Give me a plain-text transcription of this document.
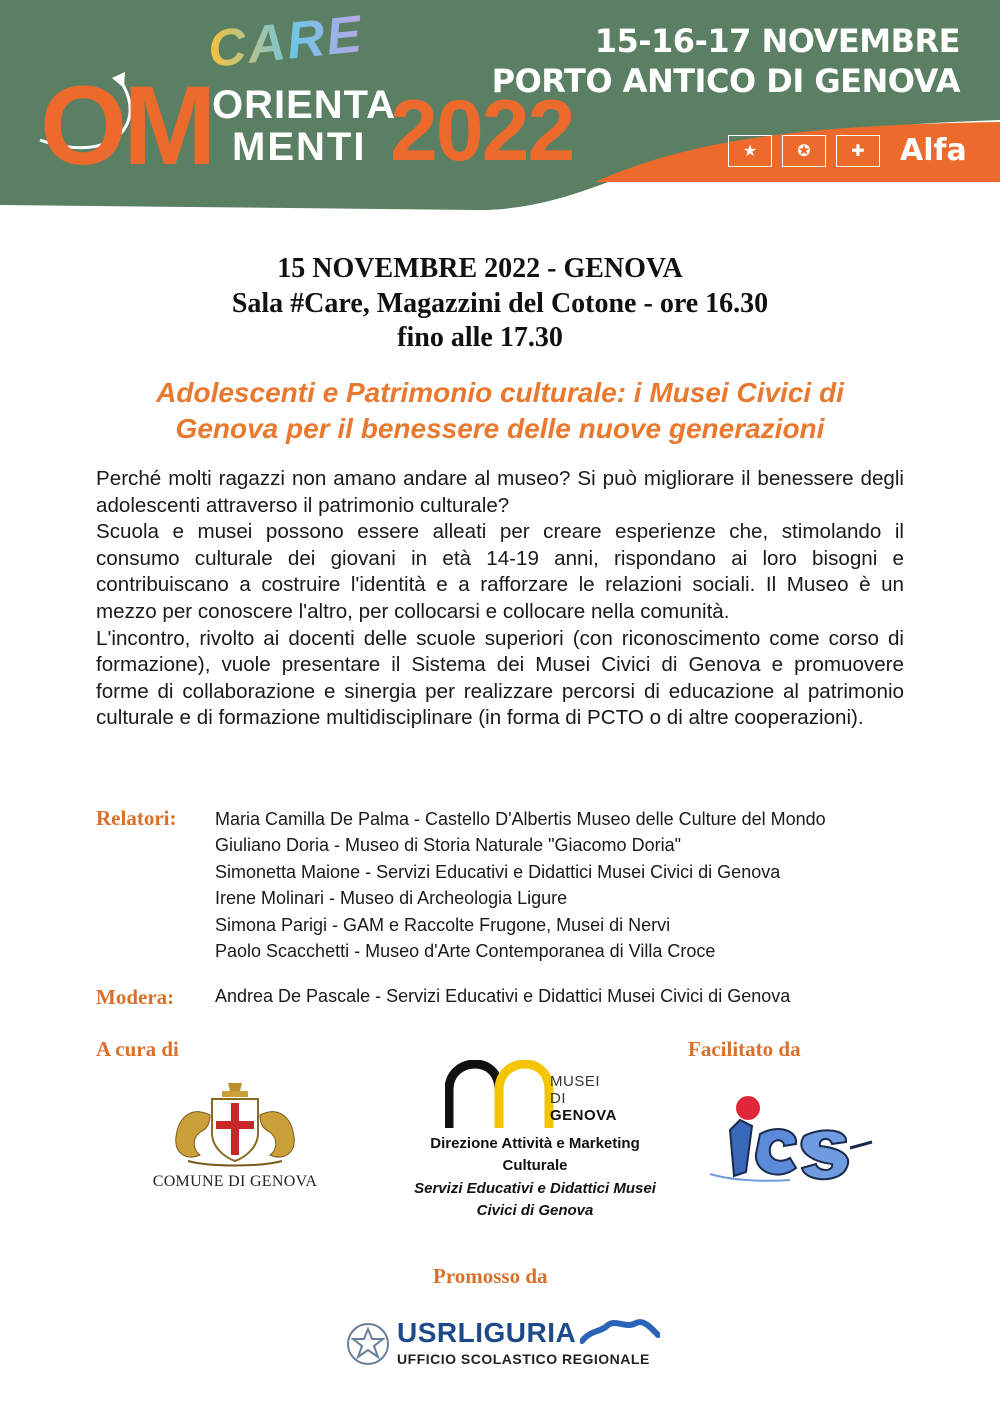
CARE
OM ORIENTA
MENTI 2022
15-16-17 NOVEMBRE
PORTO ANTICO DI GENOVA
★	✪	✚	Alfa
15 NOVEMBRE 2022 - GENOVA
Sala #Care, Magazzini del Cotone - ore 16.30
fino alle 17.30
Adolescenti e Patrimonio culturale: i Musei Civici di
Genova per il benessere delle nuove generazioni

Perché molti ragazzi non amano andare al museo? Si può migliorare il benessere degli adolescenti attraverso il patrimonio culturale?

Scuola e musei possono essere alleati per creare esperienze che, stimolando il consumo culturale dei giovani in età 14-19 anni, rispondano ai loro bisogni e contribuiscano a costruire l'identità e a rafforzare le relazioni sociali. Il Museo è un mezzo per conoscere l'altro, per collocarsi e collocare nella comunità.

L'incontro, rivolto ai docenti delle scuole superiori (con riconoscimento come corso di formazione), vuole presentare il Sistema dei Musei Civici di Genova e promuovere forme di collaborazione e sinergia per realizzare percorsi di educazione al patrimonio culturale e di formazione multidisciplinare (in forma di PCTO o di altre cooperazioni).

Relatori: Maria Camilla De Palma - Castello D'Albertis Museo delle Culture del Mondo
Giuliano Doria - Museo di Storia Naturale "Giacomo Doria"
Simonetta Maione - Servizi Educativi e Didattici Musei Civici di Genova
Irene Molinari - Museo di Archeologia Ligure
Simona Parigi - GAM e Raccolte Frugone, Musei di Nervi
Paolo Scacchetti - Museo d'Arte Contemporanea di Villa Croce
Modera: Andrea De Pascale - Servizi Educativi e Didattici Musei Civici di Genova
A cura di	Facilitato da
COMUNE DI GENOVA
MUSEI
DI
GENOVA
Direzione Attività e Marketing Culturale
Servizi Educativi e Didattici Musei Civici di Genova
Promosso da
USRLIGURIA
UFFICIO SCOLASTICO REGIONALE
